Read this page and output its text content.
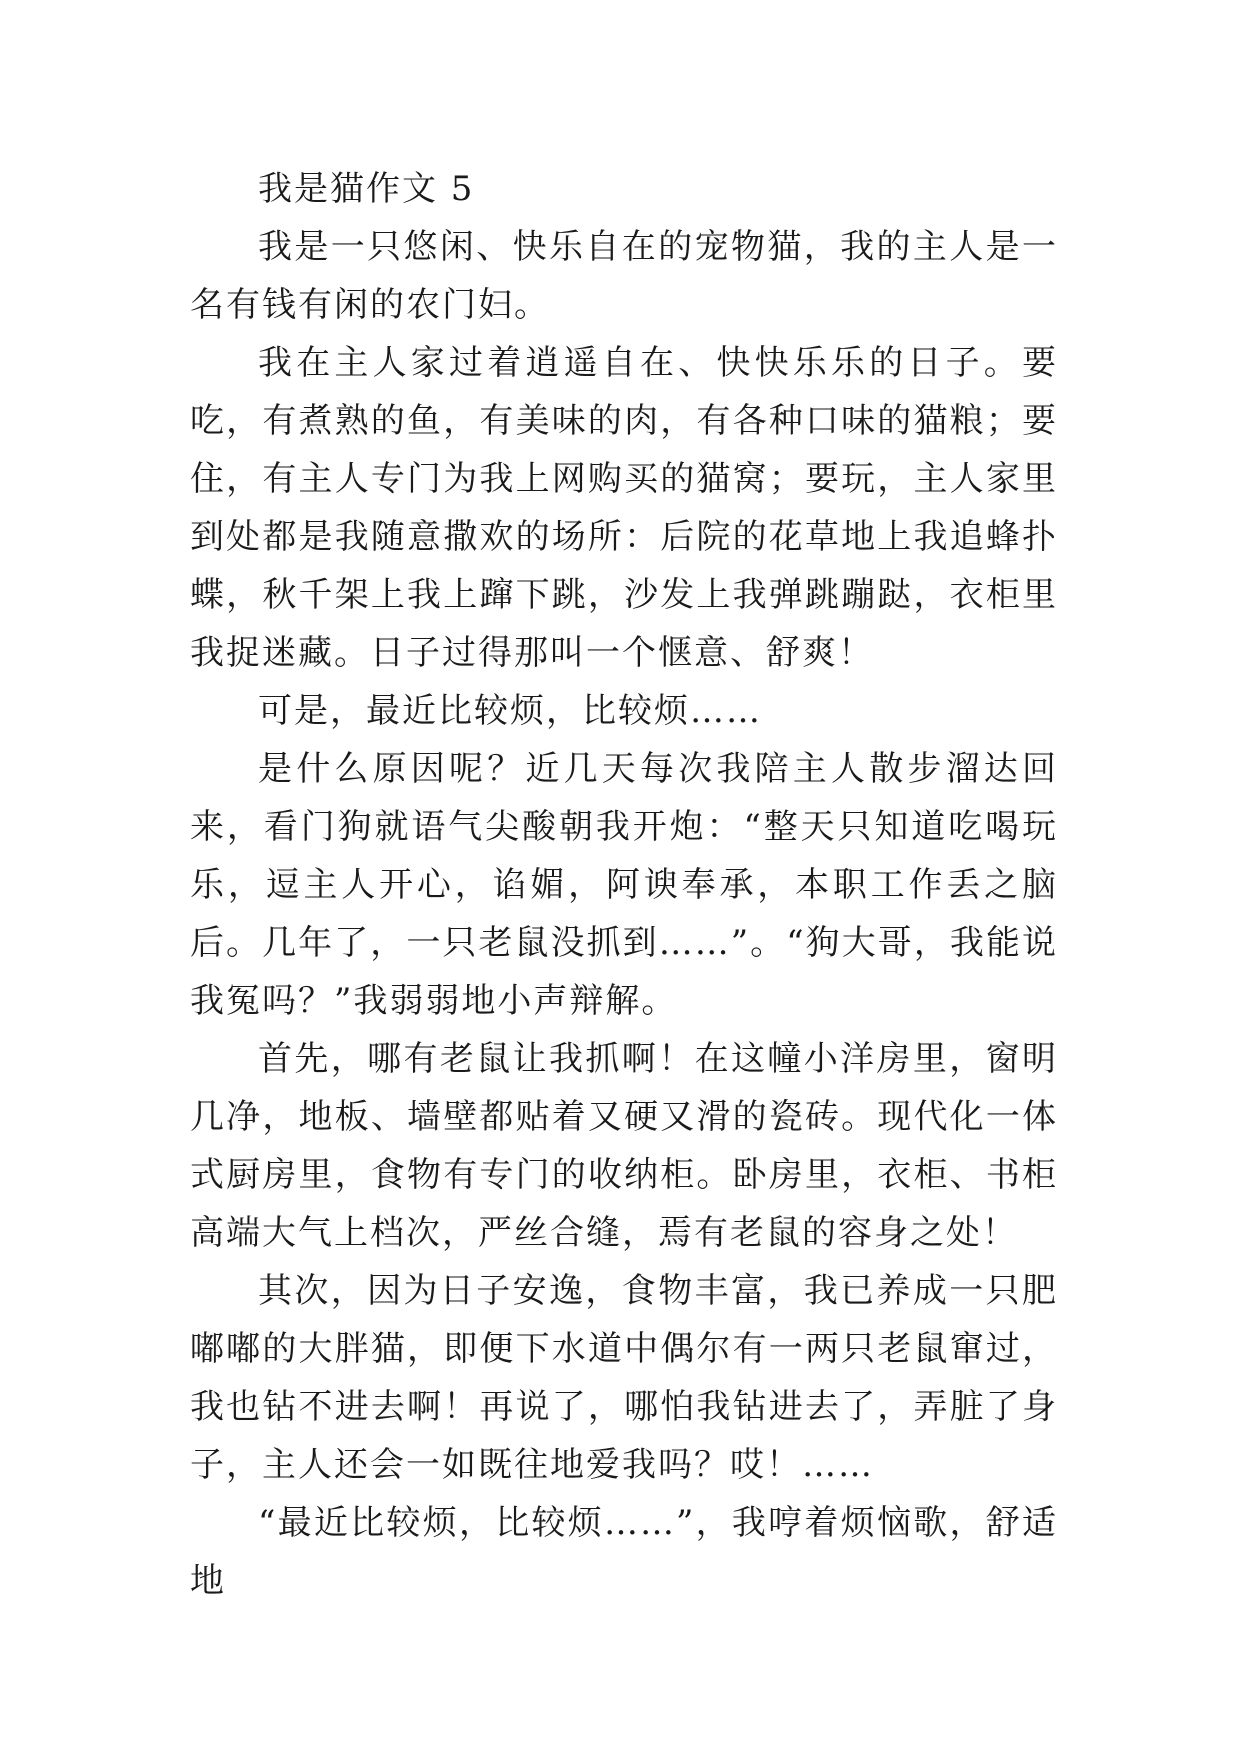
我是猫作文 5

我是一只悠闲、快乐自在的宠物猫，我的主人是一名有钱有闲的农门妇。

我在主人家过着逍遥自在、快快乐乐的日子。要吃，有煮熟的鱼，有美味的肉，有各种口味的猫粮；要住，有主人专门为我上网购买的猫窝；要玩，主人家里到处都是我随意撒欢的场所：后院的花草地上我追蜂扑蝶，秋千架上我上蹿下跳，沙发上我弹跳蹦跶，衣柜里我捉迷藏。日子过得那叫一个惬意、舒爽！

可是，最近比较烦，比较烦……

是什么原因呢？近几天每次我陪主人散步溜达回来，看门狗就语气尖酸朝我开炮：“整天只知道吃喝玩乐，逗主人开心，谄媚，阿谀奉承，本职工作丢之脑后。几年了，一只老鼠没抓到……”。“狗大哥，我能说我冤吗？”我弱弱地小声辩解。

首先，哪有老鼠让我抓啊！在这幢小洋房里，窗明几净，地板、墙壁都贴着又硬又滑的瓷砖。现代化一体式厨房里，食物有专门的收纳柜。卧房里，衣柜、书柜高端大气上档次，严丝合缝，焉有老鼠的容身之处！

其次，因为日子安逸，食物丰富，我已养成一只肥嘟嘟的大胖猫，即便下水道中偶尔有一两只老鼠窜过，我也钻不进去啊！再说了，哪怕我钻进去了，弄脏了身子，主人还会一如既往地爱我吗？哎！……

“最近比较烦，比较烦……”，我哼着烦恼歌，舒适地
